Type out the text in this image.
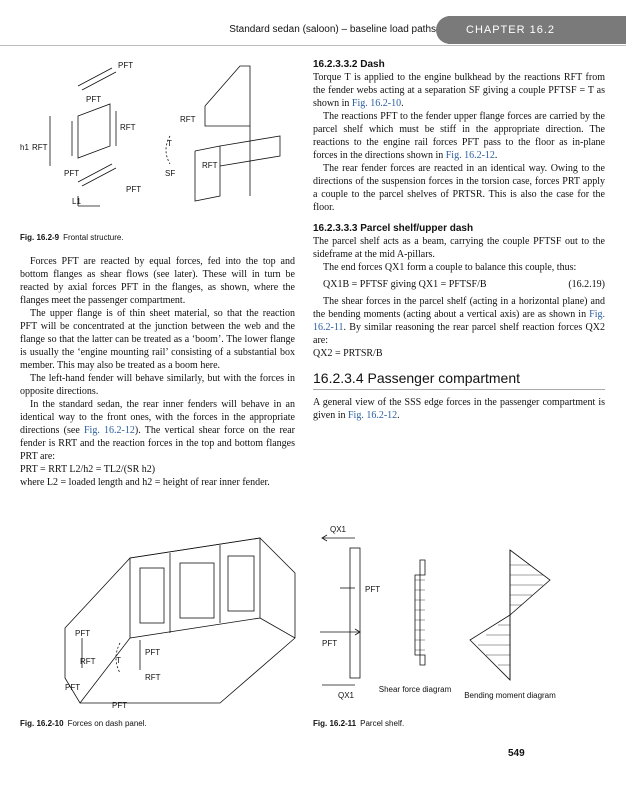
Standard sedan (saloon) – baseline load paths	CHAPTER 16.2
PFT
PFT
RFT
RFT
h1 RFT	T
PFT	SF
RFT
PFT
L1
Fig. 16.2-9 Frontal structure.

Forces PFT are reacted by equal forces, fed into the top and bottom flanges as shear flows (see later). These will in turn be reacted by axial forces PFT in the flanges, as shown, where the flanges meet the passenger compartment.

The upper flange is of thin sheet material, so that the reaction PFT will be concentrated at the junction between the web and the flange so that the latter can be treated as a ‘boom’. The lower flange is usually the ‘engine mounting rail’ consisting of a substantial box member. This may also be treated as a boom here.

The left-hand fender will behave similarly, but with the forces in opposite directions.

In the standard sedan, the rear inner fenders will behave in an identical way to the front ones, with the forces in the appropriate directions (see Fig. 16.2-12). The vertical shear force on the rear fender is RRT and the reaction forces in the top and bottom flanges PRT are:

PRT = RRT L2/h2 = TL2/(SR h2)

where L2 = loaded length and h2 = height of rear inner fender.

PFT
PFT
RFT	T
RFT
PFT
PFT
Fig. 16.2-10 Forces on dash panel.

16.2.3.3.2 Dash

Torque T is applied to the engine bulkhead by the reactions RFT from the fender webs acting at a separation SF giving a couple PFTSF = T as shown in Fig. 16.2-10.

The reactions PFT to the fender upper flange forces are carried by the parcel shelf which must be stiff in the appropriate direction. The reactions to the engine rail forces PFT pass to the floor as in-plane forces in the directions shown in Fig. 16.2-12.

The rear fender forces are reacted in an identical way. Owing to the directions of the suspension forces in the torsion case, forces PRT apply a couple to the parcel shelves of PRTSR. This is also the case for the floor.

16.2.3.3.3 Parcel shelf/upper dash

The parcel shelf acts as a beam, carrying the couple PFTSF out to the sideframe at the mid A-pillars.

The end forces QX1 form a couple to balance this couple, thus:

QX1B = PFTSF giving QX1 = PFTSF/B	(16.2.19)

The shear forces in the parcel shelf (acting in a horizontal plane) and the bending moments (acting about a vertical axis) are as shown in Fig. 16.2-11. By similar reasoning the rear parcel shelf reaction forces QX2 are:

QX2 = PRTSR/B

16.2.3.4 Passenger compartment

A general view of the SSS edge forces in the passenger compartment is given in Fig. 16.2-12.

QX1
PFT
PFT
QX1
Shear force diagram
Bending moment diagram
Fig. 16.2-11 Parcel shelf.
549
